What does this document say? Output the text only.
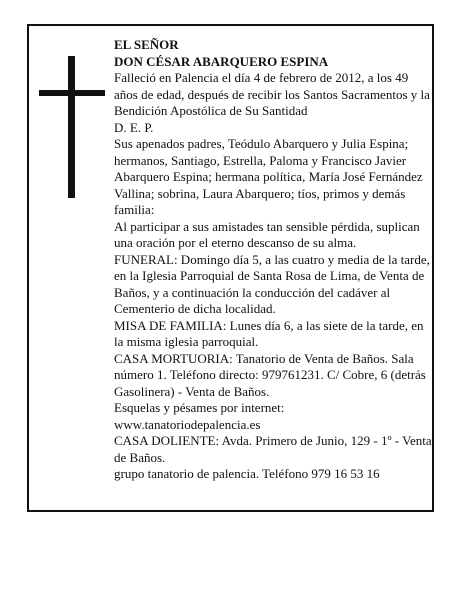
EL SEÑOR

DON CÉSAR ABARQUERO ESPINA

Falleció en Palencia el día 4 de febrero de 2012, a los 49 años de edad, después de recibir los Santos Sacramentos y la Bendición Apostólica de Su Santidad

D. E. P.

Sus apenados padres, Teódulo Abarquero y Julia Espina; hermanos, Santiago, Estrella, Paloma y Francisco Javier Abarquero Espina; hermana política, María José Fernández Vallina; sobrina, Laura Abarquero; tíos, primos y demás familia:

Al participar a sus amistades tan sensible pérdida, suplican una oración por el eterno descanso de su alma.

FUNERAL: Domingo día 5, a las cuatro y media de la tarde, en la Iglesia Parroquial de Santa Rosa de Lima, de Venta de Baños, y a continuación la conducción del cadáver al Cementerio de dicha localidad.

MISA DE FAMILIA: Lunes día 6, a las siete de la tarde, en la misma iglesia parroquial.

CASA MORTUORIA: Tanatorio de Venta de Baños. Sala número 1. Teléfono directo: 979761231. C/ Cobre, 6 (detrás Gasolinera) - Venta de Baños.

Esquelas y pésames por internet: www.tanatoriodepalencia.es

CASA DOLIENTE: Avda. Primero de Junio, 129 - 1º - Venta de Baños.

grupo tanatorio de palencia. Teléfono 979 16 53 16
